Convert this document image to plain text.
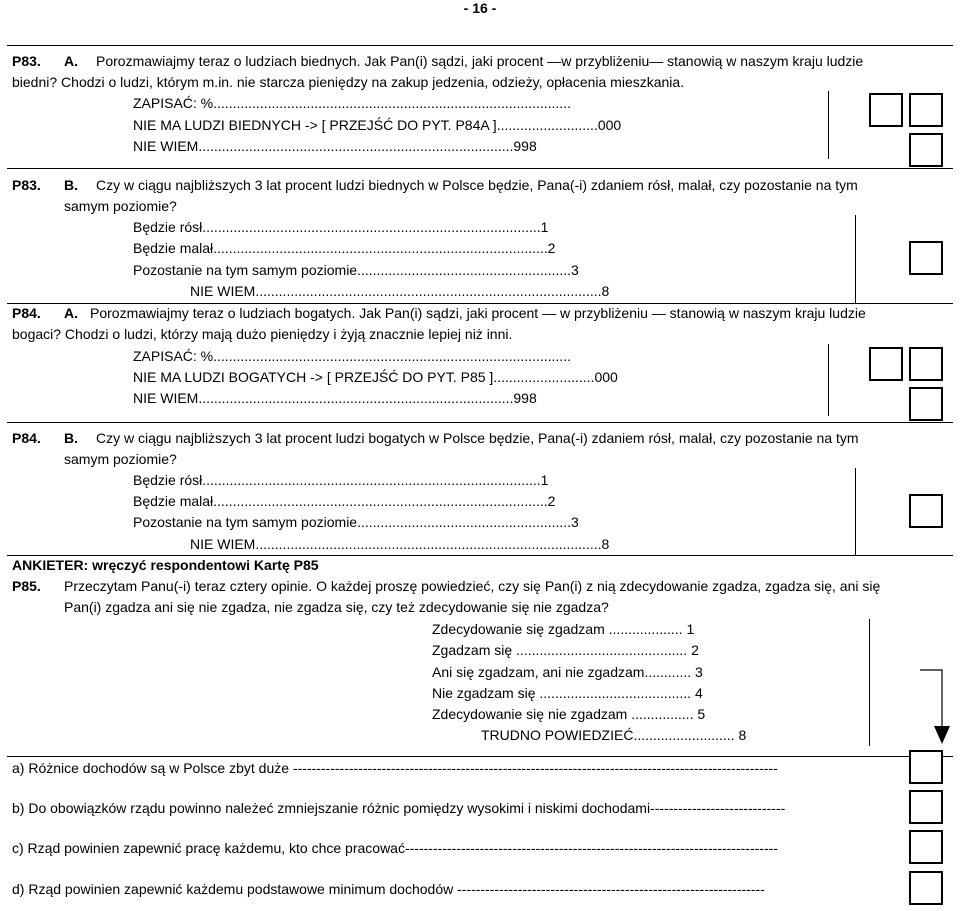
- 16 -
P83. A. Porozmawiajmy teraz o ludziach biednych. Jak Pan(i) sądzi, jaki procent —w przybliżeniu— stanowią w naszym kraju ludzie
biedni? Chodzi o ludzi, którym m.in. nie starcza pieniędzy na zakup jedzenia, odzieży, opłacenia mieszkania.
ZAPISAĆ: %............................................................................................
NIE MA LUDZI BIEDNYCH -> [ PRZEJŚĆ DO PYT. P84A ]..........................000
NIE WIEM.................................................................................998
P83. B. Czy w ciągu najbliższych 3 lat procent ludzi biednych w Polsce będzie, Pana(-i) zdaniem rósł, malał, czy pozostanie na tym
samym poziomie?
Będzie rósł.......................................................................................1
Będzie malał......................................................................................2
Pozostanie na tym samym poziomie.......................................................3
NIE WIEM.........................................................................................8
P84. A. Porozmawiajmy teraz o ludziach bogatych. Jak Pan(i) sądzi, jaki procent — w przybliżeniu — stanowią w naszym kraju ludzie
bogaci? Chodzi o ludzi, którzy mają dużo pieniędzy i żyją znacznie lepiej niż inni.
ZAPISAĆ: %............................................................................................
NIE MA LUDZI BOGATYCH -> [ PRZEJŚĆ DO PYT. P85 ]..........................000
NIE WIEM.................................................................................998
P84. B. Czy w ciągu najbliższych 3 lat procent ludzi bogatych w Polsce będzie, Pana(-i) zdaniem rósł, malał, czy pozostanie na tym
samym poziomie?
Będzie rósł.......................................................................................1
Będzie malał......................................................................................2
Pozostanie na tym samym poziomie.......................................................3
NIE WIEM.........................................................................................8
ANKIETER: wręczyć respondentowi Kartę P85
P85. Przeczytam Panu(-i) teraz cztery opinie. O każdej proszę powiedzieć, czy się Pan(i) z nią zdecydowanie zgadza, zgadza się, ani się
Pan(i) zgadza ani się nie zgadza, nie zgadza się, czy też zdecydowanie się nie zgadza?
Zdecydowanie się zgadzam ................... 1
Zgadzam się ............................................ 2
Ani się zgadzam, ani nie zgadzam............ 3
Nie zgadzam się ....................................... 4
Zdecydowanie się nie zgadzam ................ 5
TRUDNO POWIEDZIEĆ.......................... 8
a) Różnice dochodów są w Polsce zbyt duże --------------------------------------------------------------------------------------------------------
b) Do obowiązków rządu powinno należeć zmniejszanie różnic pomiędzy wysokimi i niskimi dochodami-----------------------------
c) Rząd powinien zapewnić pracę każdemu, kto chce pracować--------------------------------------------------------------------------------
d) Rząd powinien zapewnić każdemu podstawowe minimum dochodów ------------------------------------------------------------------
